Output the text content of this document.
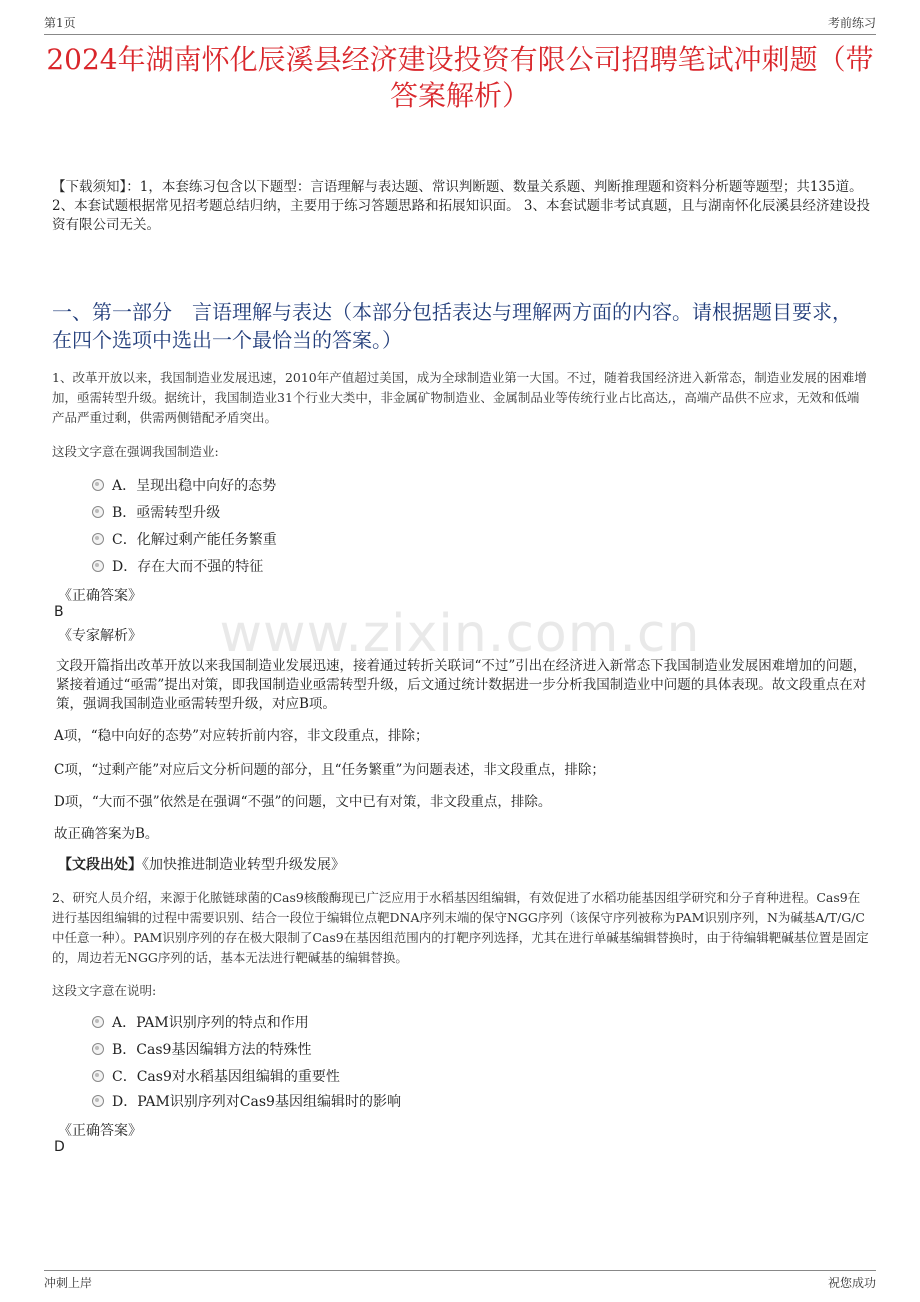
第1页	考前练习
2024年湖南怀化辰溪县经济建设投资有限公司招聘笔试冲刺题（带答案解析）
【下载须知】：1，本套练习包含以下题型：言语理解与表达题、常识判断题、数量关系题、判断推理题和资料分析题等题型；共135道。 2、本套试题根据常见招考题总结归纳，主要用于练习答题思路和拓展知识面。 3、本套试题非考试真题，且与湖南怀化辰溪县经济建设投资有限公司无关。
一、第一部分　言语理解与表达（本部分包括表达与理解两方面的内容。请根据题目要求，在四个选项中选出一个最恰当的答案。）
1、改革开放以来，我国制造业发展迅速，2010年产值超过美国，成为全球制造业第一大国。不过，随着我国经济进入新常态，制造业发展的困难增加，亟需转型升级。据统计，我国制造业31个行业大类中，非金属矿物制造业、金属制品业等传统行业占比高达,，高端产品供不应求，无效和低端产品严重过剩，供需两侧错配矛盾突出。
这段文字意在强调我国制造业:
A．呈现出稳中向好的态势
B．亟需转型升级
C．化解过剩产能任务繁重
D．存在大而不强的特征
《正确答案》
B
《专家解析》	www.zixin.com.cn
文段开篇指出改革开放以来我国制造业发展迅速，接着通过转折关联词“不过”引出在经济进入新常态下我国制造业发展困难增加的问题，紧接着通过“亟需”提出对策，即我国制造业亟需转型升级，后文通过统计数据进一步分析我国制造业中问题的具体表现。故文段重点在对策，强调我国制造业亟需转型升级，对应B项。
A项，“稳中向好的态势”对应转折前内容，非文段重点，排除；
C项，“过剩产能”对应后文分析问题的部分，且“任务繁重”为问题表述，非文段重点，排除；
D项，“大而不强”依然是在强调“不强”的问题，文中已有对策，非文段重点，排除。
故正确答案为B。
【文段出处】《加快推进制造业转型升级发展》
2、研究人员介绍，来源于化脓链球菌的Cas9核酸酶现已广泛应用于水稻基因组编辑，有效促进了水稻功能基因组学研究和分子育种进程。Cas9在进行基因组编辑的过程中需要识别、结合一段位于编辑位点靶DNA序列末端的保守NGG序列（该保守序列被称为PAM识别序列，N为碱基A/T/G/C中任意一种）。PAM识别序列的存在极大限制了Cas9在基因组范围内的打靶序列选择，尤其在进行单碱基编辑替换时，由于待编辑靶碱基位置是固定的，周边若无NGG序列的话，基本无法进行靶碱基的编辑替换。
这段文字意在说明:
A．PAM识别序列的特点和作用
B．Cas9基因编辑方法的特殊性
C．Cas9对水稻基因组编辑的重要性
D．PAM识别序列对Cas9基因组编辑时的影响
《正确答案》
D
冲刺上岸	祝您成功
